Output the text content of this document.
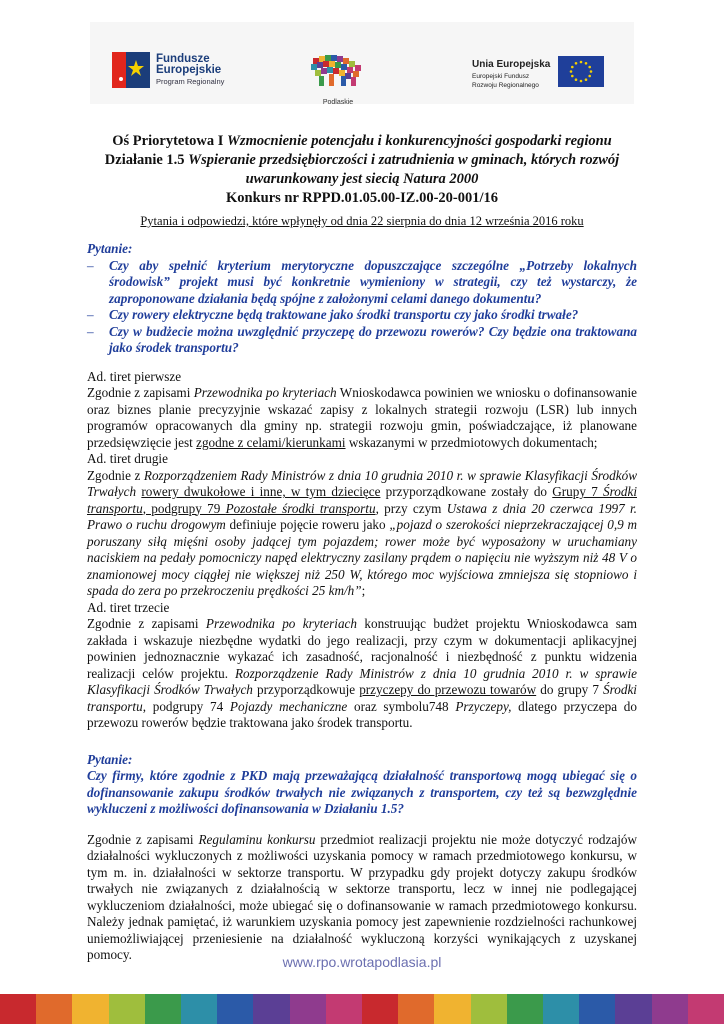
Fundusze
Europejskie
Program Regionalny
Podlaskie
Unia Europejska
Europejski Fundusz
Rozwoju Regionalnego
Oś Priorytetowa I Wzmocnienie potencjału i konkurencyjności gospodarki regionu
Działanie 1.5 Wspieranie przedsiębiorczości i zatrudnienia w gminach, których rozwój uwarunkowany jest siecią Natura 2000
Konkurs nr RPPD.01.05.00-IZ.00-20-001/16
Pytania i odpowiedzi, które wpłynęły od dnia 22 sierpnia do dnia 12 września 2016 roku
Pytanie:
– Czy aby spełnić kryterium merytoryczne dopuszczające szczególne „Potrzeby lokalnych środowisk” projekt musi być konkretnie wymieniony w strategii, czy też wystarczy, że zaproponowane działania będą spójne z założonymi celami danego dokumentu?
– Czy rowery elektryczne będą traktowane jako środki transportu czy jako środki trwałe?
– Czy w budżecie można uwzględnić przyczepę do przewozu rowerów? Czy będzie ona traktowana jako środek transportu?

Ad. tiret pierwsze

Zgodnie z zapisami Przewodnika po kryteriach Wnioskodawca powinien we wniosku o dofinansowanie oraz biznes planie precyzyjnie wskazać zapisy z lokalnych strategii rozwoju (LSR) lub innych programów opracowanych dla gminy np. strategii rozwoju gmin, poświadczające, iż planowane przedsięwzięcie jest zgodne z celami/kierunkami wskazanymi w przedmiotowych dokumentach;

Ad. tiret drugie

Zgodnie z Rozporządzeniem Rady Ministrów z dnia 10 grudnia 2010 r. w sprawie Klasyfikacji Środków Trwałych rowery dwukołowe i inne, w tym dziecięce przyporządkowane zostały do Grupy 7 Środki transportu, podgrupy 79 Pozostałe środki transportu, przy czym Ustawa z dnia 20 czerwca 1997 r. Prawo o ruchu drogowym definiuje pojęcie roweru jako „pojazd o szerokości nieprzekraczającej 0,9 m poruszany siłą mięśni osoby jadącej tym pojazdem; rower może być wyposażony w uruchamiany naciskiem na pedały pomocniczy napęd elektryczny zasilany prądem o napięciu nie wyższym niż 48 V o znamionowej mocy ciągłej nie większej niż 250 W, którego moc wyjściowa zmniejsza się stopniowo i spada do zera po przekroczeniu prędkości 25 km/h”;

Ad. tiret trzecie

Zgodnie z zapisami Przewodnika po kryteriach konstruując budżet projektu Wnioskodawca sam zakłada i wskazuje niezbędne wydatki do jego realizacji, przy czym w dokumentacji aplikacyjnej powinien jednoznacznie wykazać ich zasadność, racjonalność i niezbędność z punktu widzenia realizacji celów projektu. Rozporządzenie Rady Ministrów z dnia 10 grudnia 2010 r. w sprawie Klasyfikacji Środków Trwałych przyporządkowuje przyczepy do przewozu towarów do grupy 7 Środki transportu, podgrupy 74 Pojazdy mechaniczne oraz symbolu748 Przyczepy, dlatego przyczepa do przewozu rowerów będzie traktowana jako środek transportu.

Pytanie:

Czy firmy, które zgodnie z PKD mają przeważającą działalność transportową mogą ubiegać się o dofinansowanie zakupu środków trwałych nie związanych z transportem, czy też są bezwzględnie wykluczeni z możliwości dofinansowania w Działaniu 1.5?

Zgodnie z zapisami Regulaminu konkursu przedmiot realizacji projektu nie może dotyczyć rodzajów działalności wykluczonych z możliwości uzyskania pomocy w ramach przedmiotowego konkursu, w tym m. in. działalności w sektorze transportu. W przypadku gdy projekt dotyczy zakupu środków trwałych nie związanych z działalnością w sektorze transportu, lecz w innej nie podlegającej wykluczeniom działalności, może ubiegać się o dofinansowanie w ramach przedmiotowego konkursu. Należy jednak pamiętać, iż warunkiem uzyskania pomocy jest zapewnienie rozdzielności rachunkowej uniemożliwiającej przeniesienie na działalność wykluczoną korzyści wynikających z uzyskanej pomocy.	www.rpo.wrotapodlasia.pl
